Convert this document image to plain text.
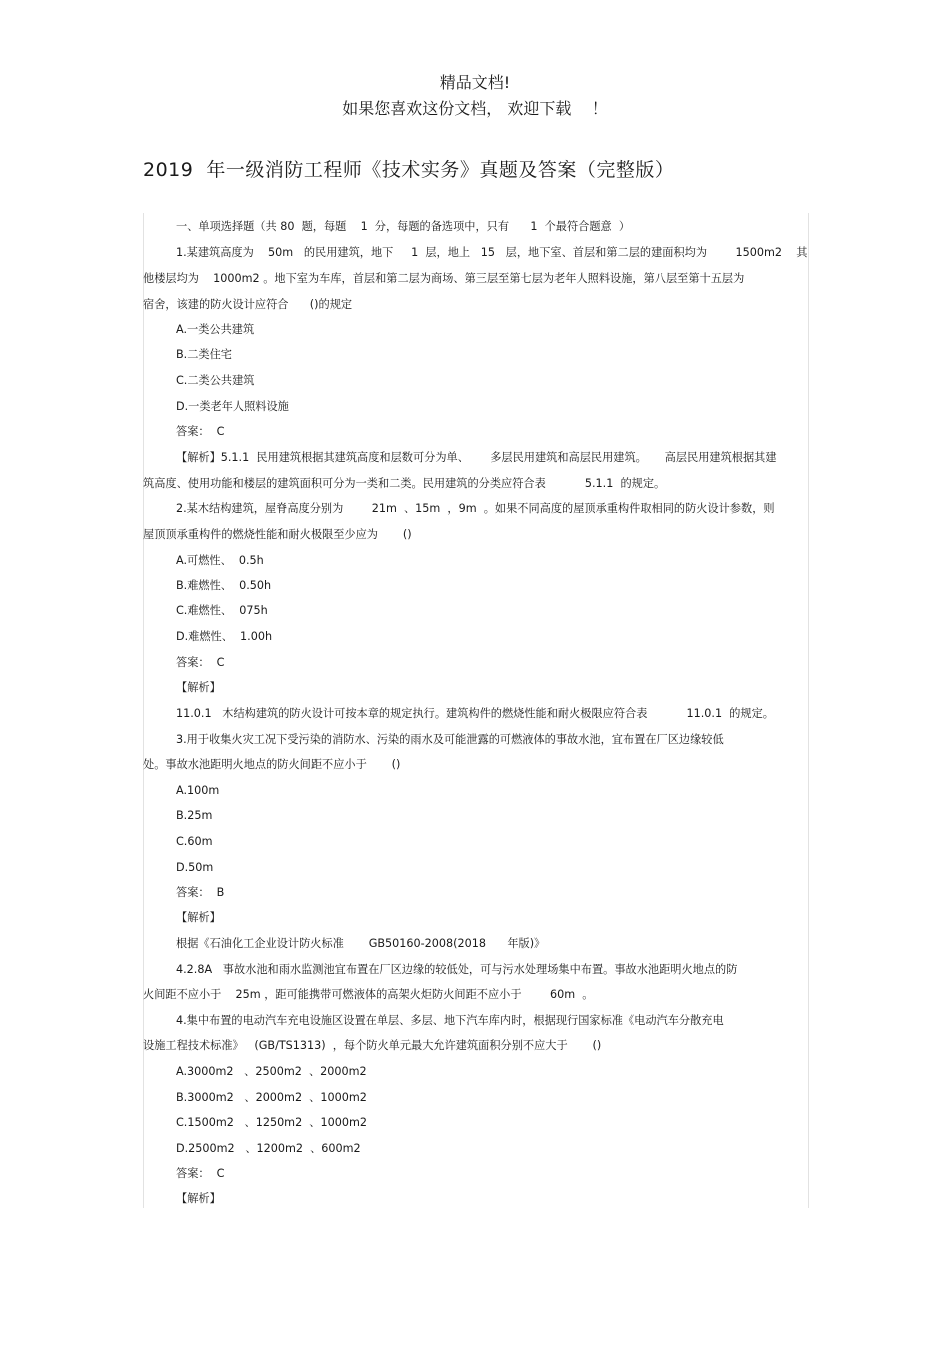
精品文档!
如果您喜欢这份文档， 欢迎下载    ！
2019  年一级消防工程师《技术实务》真题及答案（完整版）
一、单项选择题（共 80  题，每题    1  分，每题的备选项中，只有      1  个最符合题意  ）
1.某建筑高度为    50m   的民用建筑，地下     1  层，地上   15   层，地下室、首层和第二层的建面积均为        1500m2    其
他楼层均为    1000m2 。地下室为车库，首层和第二层为商场、第三层至第七层为老年人照料设施，第八层至第十五层为
宿舍，该建的防火设计应符合      ()的规定
A.一类公共建筑
B.二类住宅
C.二类公共建筑
D.一类老年人照料设施
答案：  C
【解析】5.1.1  民用建筑根据其建筑高度和层数可分为单、      多层民用建筑和高层民用建筑。     高层民用建筑根据其建
筑高度、使用功能和楼层的建筑面积可分为一类和二类。民用建筑的分类应符合表           5.1.1  的规定。
2.某木结构建筑，屋脊高度分别为        21m  、15m  ，9m  。如果不同高度的屋顶承重构件取相同的防火设计参数，则
屋顶顶承重构件的燃烧性能和耐火极限至少应为       ()
A.可燃性、  0.5h
B.难燃性、  0.50h
C.难燃性、  075h
D.难燃性、  1.00h
答案：  C
【解析】
11.0.1   木结构建筑的防火设计可按本章的规定执行。建筑构件的燃烧性能和耐火极限应符合表           11.0.1  的规定。
3.用于收集火灾工况下受污染的消防水、污染的雨水及可能泄露的可燃液体的事故水池，宜布置在厂区边缘较低
处。事故水池距明火地点的防火间距不应小于       ()
A.100m
B.25m
C.60m
D.50m
答案：  B
【解析】
根据《石油化工企业设计防火标准       GB50160-2008(2018      年版)》
4.2.8A   事故水池和雨水监测池宜布置在厂区边缘的较低处，可与污水处理场集中布置。事故水池距明火地点的防
火间距不应小于    25m ，距可能携带可燃液体的高架火炬防火间距不应小于        60m  。
4.集中布置的电动汽车充电设施区设置在单层、多层、地下汽车库内时，根据现行国家标准《电动汽车分散充电
设施工程技术标准》   (GB/TS1313)  ，每个防火单元最大允许建筑面积分别不应大于       ()
A.3000m2   、2500m2  、2000m2
B.3000m2   、2000m2  、1000m2
C.1500m2   、1250m2  、1000m2
D.2500m2   、1200m2  、600m2
答案：  C
【解析】
